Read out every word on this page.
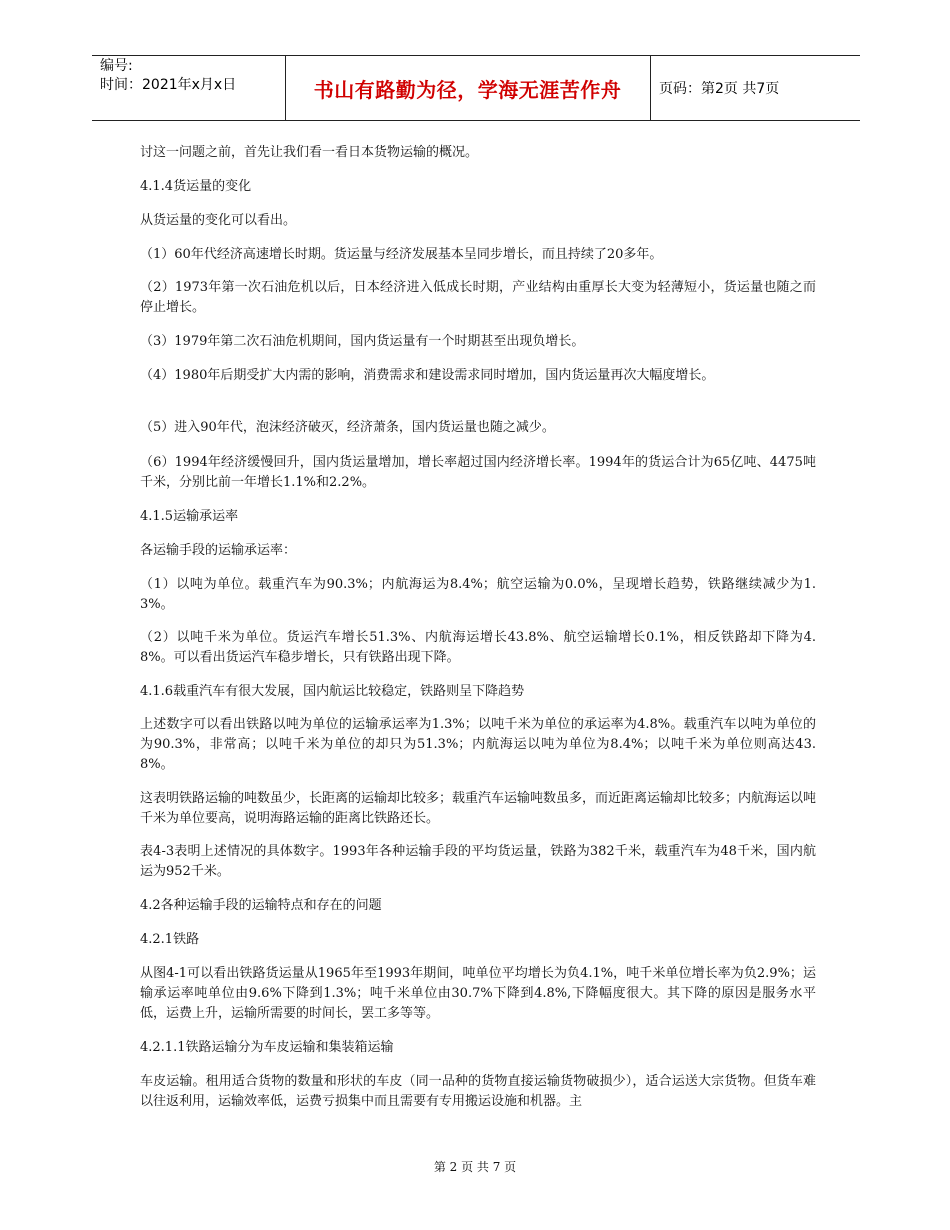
编号:
时间：2021年x月x日	书山有路勤为径，学海无涯苦作舟	页码：第2页 共7页

讨这一问题之前，首先让我们看一看日本货物运输的概况。

4.1.4货运量的变化

从货运量的变化可以看出。

（1）60年代经济高速增长时期。货运量与经济发展基本呈同步增长，而且持续了20多年。

（2）1973年第一次石油危机以后，日本经济进入低成长时期，产业结构由重厚长大变为轻薄短小，货运量也随之而停止增长。

（3）1979年第二次石油危机期间，国内货运量有一个时期甚至出现负增长。

（4）1980年后期受扩大内需的影响，消费需求和建设需求同时增加，国内货运量再次大幅度增长。

（5）进入90年代，泡沫经济破灭，经济萧条，国内货运量也随之减少。

（6）1994年经济缓慢回升，国内货运量增加，增长率超过国内经济增长率。1994年的货运合计为65亿吨、4475吨千米，分别比前一年增长1.1%和2.2%。

4.1.5运输承运率

各运输手段的运输承运率：

（1）以吨为单位。载重汽车为90.3%；内航海运为8.4%；航空运输为0.0%，呈现增长趋势，铁路继续减少为1.3%。

（2）以吨千米为单位。货运汽车增长51.3%、内航海运增长43.8%、航空运输增长0.1%，相反铁路却下降为4.8%。可以看出货运汽车稳步增长，只有铁路出现下降。

4.1.6载重汽车有很大发展，国内航运比较稳定，铁路则呈下降趋势

上述数字可以看出铁路以吨为单位的运输承运率为1.3%；以吨千米为单位的承运率为4.8%。载重汽车以吨为单位的为90.3%，非常高；以吨千米为单位的却只为51.3%；内航海运以吨为单位为8.4%；以吨千米为单位则高达43.8%。

这表明铁路运输的吨数虽少，长距离的运输却比较多；载重汽车运输吨数虽多，而近距离运输却比较多；内航海运以吨千米为单位要高，说明海路运输的距离比铁路还长。

表4-3表明上述情况的具体数字。1993年各种运输手段的平均货运量，铁路为382千米，载重汽车为48千米，国内航运为952千米。

4.2各种运输手段的运输特点和存在的问题

4.2.1铁路

从图4-1可以看出铁路货运量从1965年至1993年期间，吨单位平均增长为负4.1%，吨千米单位增长率为负2.9%；运输承运率吨单位由9.6%下降到1.3%；吨千米单位由30.7%下降到4.8%,下降幅度很大。其下降的原因是服务水平低，运费上升，运输所需要的时间长，罢工多等等。

4.2.1.1铁路运输分为车皮运输和集装箱运输

车皮运输。租用适合货物的数量和形状的车皮（同一品种的货物直接运输货物破损少），适合运送大宗货物。但货车难以往返利用，运输效率低，运费亏损集中而且需要有专用搬运设施和机器。主

第 2 页 共 7 页
